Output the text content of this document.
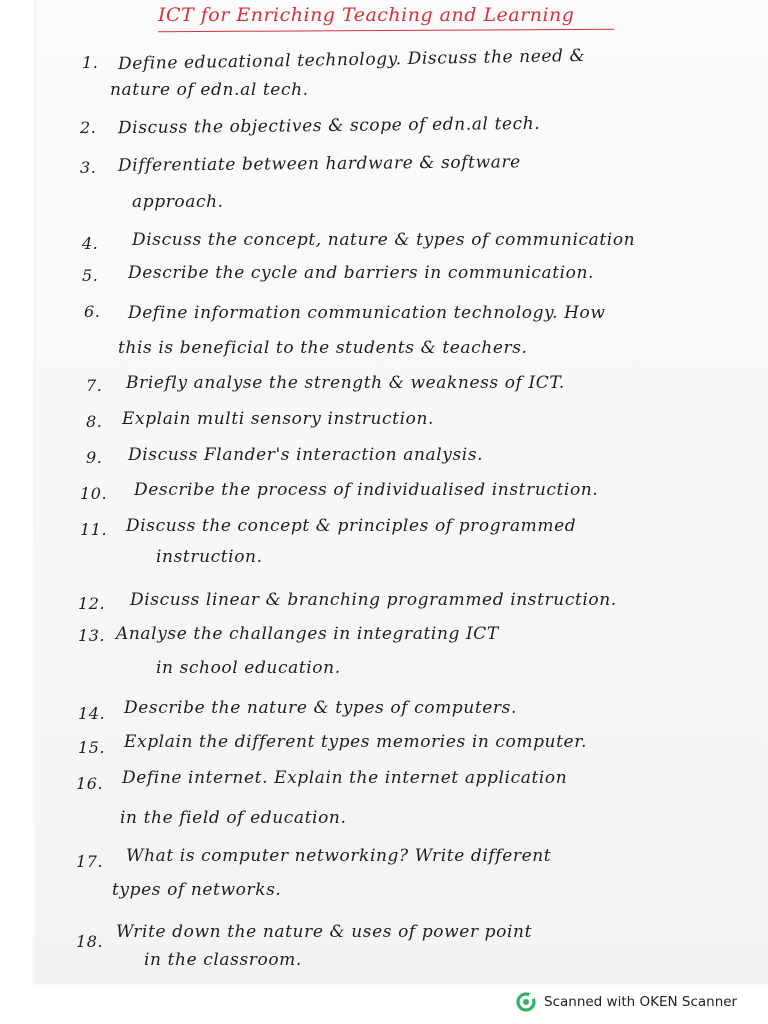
ICT for Enriching Teaching and Learning
1. Define educational technology. Discuss the need &
nature of edn.al tech.
2. Discuss the objectives & scope of edn.al tech.
3. Differentiate between hardware & software
approach.
4. Discuss the concept, nature & types of communication
5. Describe the cycle and barriers in communication.
6. Define information communication technology. How
this is beneficial to the students & teachers.
7. Briefly analyse the strength & weakness of ICT.
8. Explain multi sensory instruction.
9. Discuss Flander's interaction analysis.
10. Describe the process of individualised instruction.
11. Discuss the concept & principles of programmed
instruction.
12. Discuss linear & branching programmed instruction.
13. Analyse the challanges in integrating ICT
in school education.
14. Describe the nature & types of computers.
15. Explain the different types memories in computer.
16. Define internet. Explain the internet application
in the field of education.
17. What is computer networking? Write different
types of networks.
18. Write down the nature & uses of power point
in the classroom.
Scanned with OKEN Scanner
